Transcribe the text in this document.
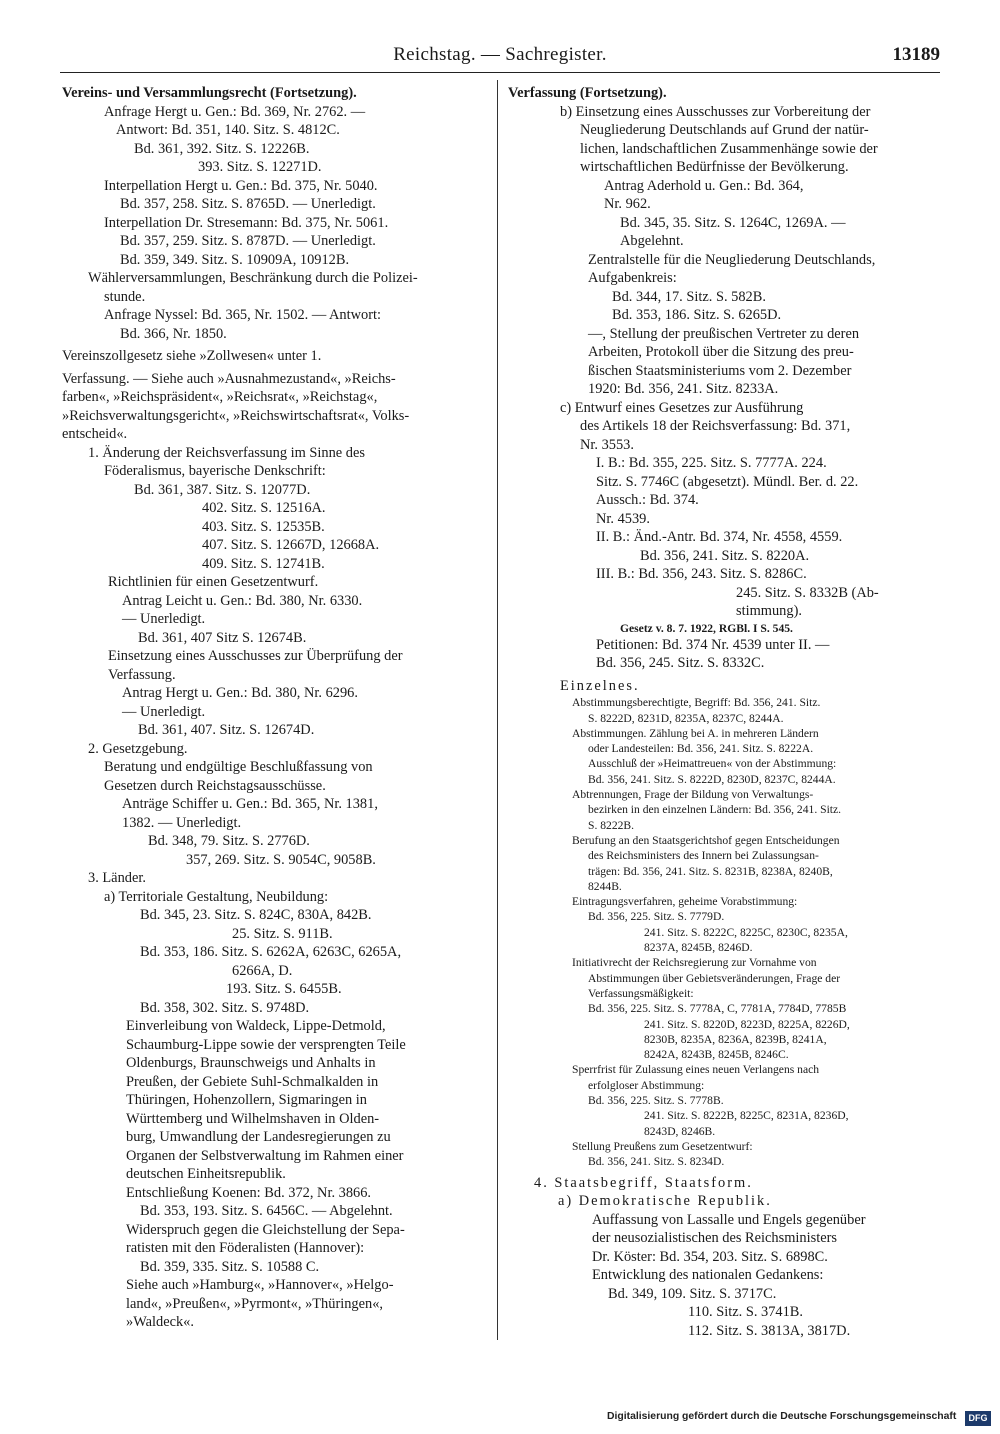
Reichstag. — Sachregister.	13189
Vereins- und Versammlungsrecht (Fortsetzung).
Anfrage Hergt u. Gen.: Bd. 369, Nr. 2762. —
Antwort: Bd. 351, 140. Sitz. S. 4812C.
Bd. 361, 392. Sitz. S. 12226B.
393. Sitz. S. 12271D.
Interpellation Hergt u. Gen.: Bd. 375, Nr. 5040.
Bd. 357, 258. Sitz. S. 8765D. — Unerledigt.
Interpellation Dr. Stresemann: Bd. 375, Nr. 5061.
Bd. 357, 259. Sitz. S. 8787D. — Unerledigt.
Bd. 359, 349. Sitz. S. 10909A, 10912B.
Wählerversammlungen, Beschränkung durch die Polizei-
stunde.
Anfrage Nyssel: Bd. 365, Nr. 1502. — Antwort:
Bd. 366, Nr. 1850.
Vereinszollgesetz siehe »Zollwesen« unter 1.
Verfassung. — Siehe auch »Ausnahmezustand«, »Reichs-
farben«, »Reichspräsident«, »Reichsrat«, »Reichstag«,
»Reichsverwaltungsgericht«, »Reichswirtschaftsrat«, Volks-
entscheid«.
1. Änderung der Reichsverfassung im Sinne des
Föderalismus, bayerische Denkschrift:
Bd. 361, 387. Sitz. S. 12077D.
402. Sitz. S. 12516A.
403. Sitz. S. 12535B.
407. Sitz. S. 12667D, 12668A.
409. Sitz. S. 12741B.
Richtlinien für einen Gesetzentwurf.
Antrag Leicht u. Gen.: Bd. 380, Nr. 6330.
— Unerledigt.
Bd. 361, 407 Sitz S. 12674B.
Einsetzung eines Ausschusses zur Überprüfung der
Verfassung.
Antrag Hergt u. Gen.: Bd. 380, Nr. 6296.
— Unerledigt.
Bd. 361, 407. Sitz. S. 12674D.
2. Gesetzgebung.
Beratung und endgültige Beschlußfassung von
Gesetzen durch Reichstagsausschüsse.
Anträge Schiffer u. Gen.: Bd. 365, Nr. 1381,
1382. — Unerledigt.
Bd. 348, 79. Sitz. S. 2776D.
357, 269. Sitz. S. 9054C, 9058B.
3. Länder.
a) Territoriale Gestaltung, Neubildung:
Bd. 345, 23. Sitz. S. 824C, 830A, 842B.
25. Sitz. S. 911B.
Bd. 353, 186. Sitz. S. 6262A, 6263C, 6265A,
6266A, D.
193. Sitz. S. 6455B.
Bd. 358, 302. Sitz. S. 9748D.
Einverleibung von Waldeck, Lippe-Detmold,
Schaumburg-Lippe sowie der versprengten Teile
Oldenburgs, Braunschweigs und Anhalts in
Preußen, der Gebiete Suhl-Schmalkalden in
Thüringen, Hohenzollern, Sigmaringen in
Württemberg und Wilhelmshaven in Olden-
burg, Umwandlung der Landesregierungen zu
Organen der Selbstverwaltung im Rahmen einer
deutschen Einheitsrepublik.
Entschließung Koenen: Bd. 372, Nr. 3866.
Bd. 353, 193. Sitz. S. 6456C. — Abgelehnt.
Widerspruch gegen die Gleichstellung der Sepa-
ratisten mit den Föderalisten (Hannover):
Bd. 359, 335. Sitz. S. 10588 C.
Siehe auch »Hamburg«, »Hannover«, »Helgo-
land«, »Preußen«, »Pyrmont«, »Thüringen«,
»Waldeck«.
Verfassung (Fortsetzung).
b) Einsetzung eines Ausschusses zur Vorbereitung der
Neugliederung Deutschlands auf Grund der natür-
lichen, landschaftlichen Zusammenhänge sowie der
wirtschaftlichen Bedürfnisse der Bevölkerung.
Antrag Aderhold u. Gen.: Bd. 364,
Nr. 962.
Bd. 345, 35. Sitz. S. 1264C, 1269A. —
Abgelehnt.
Zentralstelle für die Neugliederung Deutschlands,
Aufgabenkreis:
Bd. 344, 17. Sitz. S. 582B.
Bd. 353, 186. Sitz. S. 6265D.
—, Stellung der preußischen Vertreter zu deren
Arbeiten, Protokoll über die Sitzung des preu-
ßischen Staatsministeriums vom 2. Dezember
1920: Bd. 356, 241. Sitz. 8233A.
c) Entwurf eines Gesetzes zur Ausführung
des Artikels 18 der Reichsverfassung: Bd. 371,
Nr. 3553.
I. B.: Bd. 355, 225. Sitz. S. 7777A. 224.
Sitz. S. 7746C (abgesetzt). Mündl. Ber. d. 22.
Aussch.: Bd. 374.
Nr. 4539.
II. B.: Änd.-Antr. Bd. 374, Nr. 4558, 4559.
Bd. 356, 241. Sitz. S. 8220A.
III. B.: Bd. 356, 243. Sitz. S. 8286C.
245. Sitz. S. 8332B (Ab-
stimmung).
Gesetz v. 8. 7. 1922, RGBl. I S. 545.
Petitionen: Bd. 374 Nr. 4539 unter II. —
Bd. 356, 245. Sitz. S. 8332C.
Einzelnes.
Abstimmungsberechtigte, Begriff: Bd. 356, 241. Sitz.
S. 8222D, 8231D, 8235A, 8237C, 8244A.
Abstimmungen. Zählung bei A. in mehreren Ländern
oder Landesteilen: Bd. 356, 241. Sitz. S. 8222A.
Ausschluß der »Heimattreuen« von der Abstimmung:
Bd. 356, 241. Sitz. S. 8222D, 8230D, 8237C, 8244A.
Abtrennungen, Frage der Bildung von Verwaltungs-
bezirken in den einzelnen Ländern: Bd. 356, 241. Sitz.
S. 8222B.
Berufung an den Staatsgerichtshof gegen Entscheidungen
des Reichsministers des Innern bei Zulassungsan-
trägen: Bd. 356, 241. Sitz. S. 8231B, 8238A, 8240B,
8244B.
Eintragungsverfahren, geheime Vorabstimmung:
Bd. 356, 225. Sitz. S. 7779D.
241. Sitz. S. 8222C, 8225C, 8230C, 8235A,
8237A, 8245B, 8246D.
Initiativrecht der Reichsregierung zur Vornahme von
Abstimmungen über Gebietsveränderungen, Frage der
Verfassungsmäßigkeit:
Bd. 356, 225. Sitz. S. 7778A, C, 7781A, 7784D, 7785B
241. Sitz. S. 8220D, 8223D, 8225A, 8226D,
8230B, 8235A, 8236A, 8239B, 8241A,
8242A, 8243B, 8245B, 8246C.
Sperrfrist für Zulassung eines neuen Verlangens nach
erfolgloser Abstimmung:
Bd. 356, 225. Sitz. S. 7778B.
241. Sitz. S. 8222B, 8225C, 8231A, 8236D,
8243D, 8246B.
Stellung Preußens zum Gesetzentwurf:
Bd. 356, 241. Sitz. S. 8234D.
4. Staatsbegriff, Staatsform.
a) Demokratische Republik.
Auffassung von Lassalle und Engels gegenüber
der neusozialistischen des Reichsministers
Dr. Köster: Bd. 354, 203. Sitz. S. 6898C.
Entwicklung des nationalen Gedankens:
Bd. 349, 109. Sitz. S. 3717C.
110. Sitz. S. 3741B.
112. Sitz. S. 3813A, 3817D.
Digitalisierung gefördert durch die Deutsche Forschungsgemeinschaft	DFG
